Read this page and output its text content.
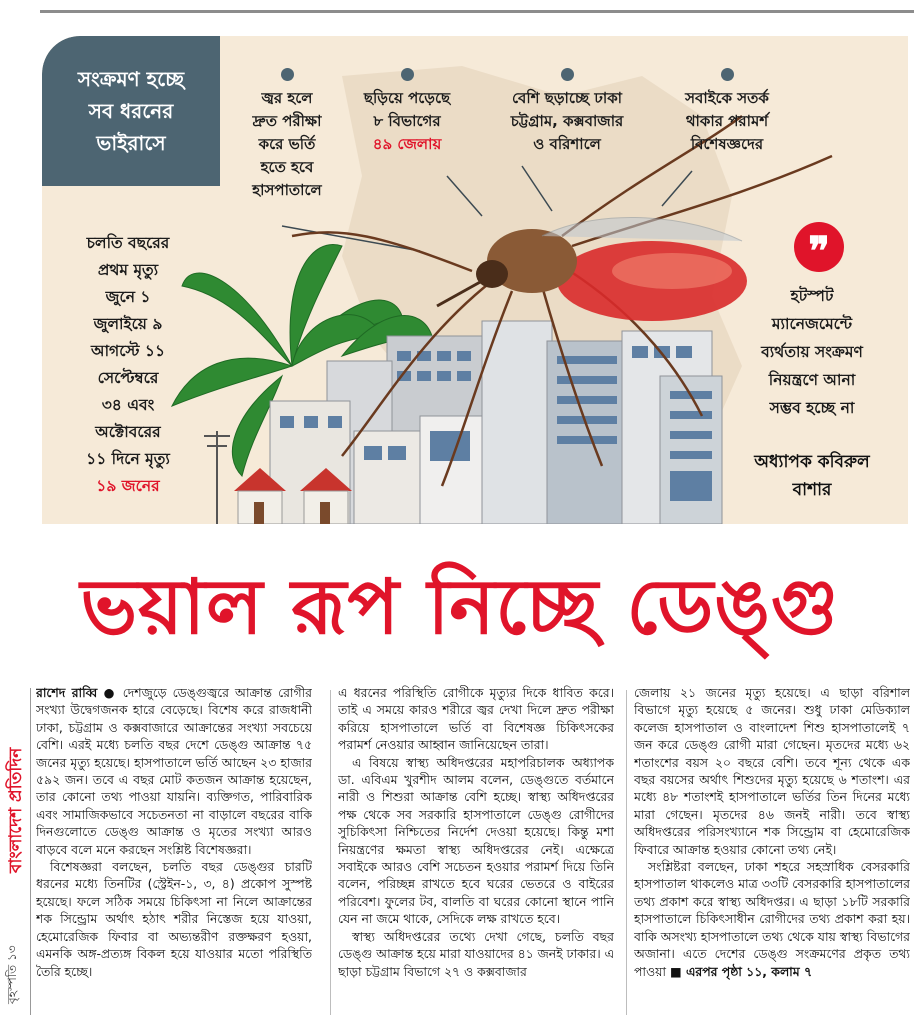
সংক্রমণ হচ্ছে
সব ধরনের
ভাইরাসে
জ্বর হলে
দ্রুত পরীক্ষা
করে ভর্তি
হতে হবে
হাসপাতালে
ছড়িয়ে পড়েছে
৮ বিভাগের
৪৯ জেলায়
বেশি ছড়াচ্ছে ঢাকা
চট্টগ্রাম, কক্সবাজার
ও বরিশালে
সবাইকে সতর্ক
থাকার পরামর্শ
বিশেষজ্ঞদের
চলতি বছরের
প্রথম মৃত্যু
জুনে ১
জুলাইয়ে ৯
আগস্টে ১১
সেপ্টেম্বরে
৩৪ এবং
অক্টোবরের
১১ দিনে মৃত্যু
১৯ জনের
❞
হটস্পট
ম্যানেজমেন্টে
ব্যর্থতায় সংক্রমণ
নিয়ন্ত্রণে আনা
সম্ভব হচ্ছে না
অধ্যাপক কবিরুল
বাশার
ভয়াল রূপ নিচ্ছে ডেঙ্গু
বাংলাদেশ প্রতিদিন
বৃহস্পতি ১৩

রাশেদ রাব্বি ● দেশজুড়ে ডেঙ্গুজ্বরে আক্রান্ত রোগীর সংখ্যা উদ্বেগজনক হারে বেড়েছে। বিশেষ করে রাজধানী ঢাকা, চট্টগ্রাম ও কক্সবাজারে আক্রান্তের সংখ্যা সবচেয়ে বেশি। এরই মধ্যে চলতি বছর দেশে ডেঙ্গু আক্রান্ত ৭৫ জনের মৃত্যু হয়েছে। হাসপাতালে ভর্তি আছেন ২৩ হাজার ৫৯২ জন। তবে এ বছর মোট কতজন আক্রান্ত হয়েছেন, তার কোনো তথ্য পাওয়া যায়নি। ব্যক্তিগত, পারিবারিক এবং সামাজিকভাবে সচেতনতা না বাড়ালে বছরের বাকি দিনগুলোতে ডেঙ্গু আক্রান্ত ও মৃতের সংখ্যা আরও বাড়বে বলে মনে করছেন সংশ্লিষ্ট বিশেষজ্ঞরা।

বিশেষজ্ঞরা বলছেন, চলতি বছর ডেঙ্গুর চারটি ধরনের মধ্যে তিনটির (স্ট্রেইন-১, ৩, ৪) প্রকোপ সুস্পষ্ট হয়েছে। ফলে সঠিক সময়ে চিকিৎসা না নিলে আক্রান্তের শক সিন্ড্রোম অর্থাৎ হঠাৎ শরীর নিস্তেজ হয়ে যাওয়া, হেমোরেজিক ফিবার বা অভ্যন্তরীণ রক্তক্ষরণ হওয়া, এমনকি অঙ্গ-প্রত্যঙ্গ বিকল হয়ে যাওয়ার মতো পরিস্থিতি তৈরি হচ্ছে।

এ ধরনের পরিস্থিতি রোগীকে মৃত্যুর দিকে ধাবিত করে। তাই এ সময়ে কারও শরীরে জ্বর দেখা দিলে দ্রুত পরীক্ষা করিয়ে হাসপাতালে ভর্তি বা বিশেষজ্ঞ চিকিৎসকের পরামর্শ নেওয়ার আহ্বান জানিয়েছেন তারা।

এ বিষয়ে স্বাস্থ্য অধিদপ্তরের মহাপরিচালক অধ্যাপক ডা. এবিএম খুরশীদ আলম বলেন, ডেঙ্গুতে বর্তমানে নারী ও শিশুরা আক্রান্ত বেশি হচ্ছে। স্বাস্থ্য অধিদপ্তরের পক্ষ থেকে সব সরকারি হাসপাতালে ডেঙ্গু রোগীদের সুচিকিৎসা নিশ্চিতের নির্দেশ দেওয়া হয়েছে। কিন্তু মশা নিয়ন্ত্রণের ক্ষমতা স্বাস্থ্য অধিদপ্তরের নেই। এক্ষেত্রে সবাইকে আরও বেশি সচেতন হওয়ার পরামর্শ দিয়ে তিনি বলেন, পরিচ্ছন্ন রাখতে হবে ঘরের ভেতরে ও বাইরের পরিবেশ। ফুলের টব, বালতি বা ঘরের কোনো স্থানে পানি যেন না জমে থাকে, সেদিকে লক্ষ রাখতে হবে।

স্বাস্থ্য অধিদপ্তরের তথ্যে দেখা গেছে, চলতি বছর ডেঙ্গু আক্রান্ত হয়ে মারা যাওয়াদের ৪১ জনই ঢাকার। এ ছাড়া চট্টগ্রাম বিভাগে ২৭ ও কক্সবাজার

জেলায় ২১ জনের মৃত্যু হয়েছে। এ ছাড়া বরিশাল বিভাগে মৃত্যু হয়েছে ৫ জনের। শুধু ঢাকা মেডিক্যাল কলেজ হাসপাতাল ও বাংলাদেশ শিশু হাসপাতালেই ৭ জন করে ডেঙ্গু রোগী মারা গেছেন। মৃতদের মধ্যে ৬২ শতাংশের বয়স ২০ বছরে বেশি। তবে শূন্য থেকে এক বছর বয়সের অর্থাৎ শিশুদের মৃত্যু হয়েছে ৬ শতাংশ। এর মধ্যে ৪৮ শতাংশই হাসপাতালে ভর্তির তিন দিনের মধ্যে মারা গেছেন। মৃতদের ৪৬ জনই নারী। তবে স্বাস্থ্য অধিদপ্তরের পরিসংখ্যানে শক সিন্ড্রোম বা হেমোরেজিক ফিবারে আক্রান্ত হওয়ার কোনো তথ্য নেই।

সংশ্লিষ্টরা বলছেন, ঢাকা শহরে সহস্রাধিক বেসরকারি হাসপাতাল থাকলেও মাত্র ৩৩টি বেসরকারি হাসপাতালের তথ্য প্রকাশ করে স্বাস্থ্য অধিদপ্তর। এ ছাড়া ১৮টি সরকারি হাসপাতালে চিকিৎসাধীন রোগীদের তথ্য প্রকাশ করা হয়। বাকি অসংখ্য হাসপাতালে তথ্য থেকে যায় স্বাস্থ্য বিভাগের অজানা। এতে দেশের ডেঙ্গু সংক্রমণের প্রকৃত তথ্য পাওয়া ■ এরপর পৃষ্ঠা ১১, কলাম ৭
